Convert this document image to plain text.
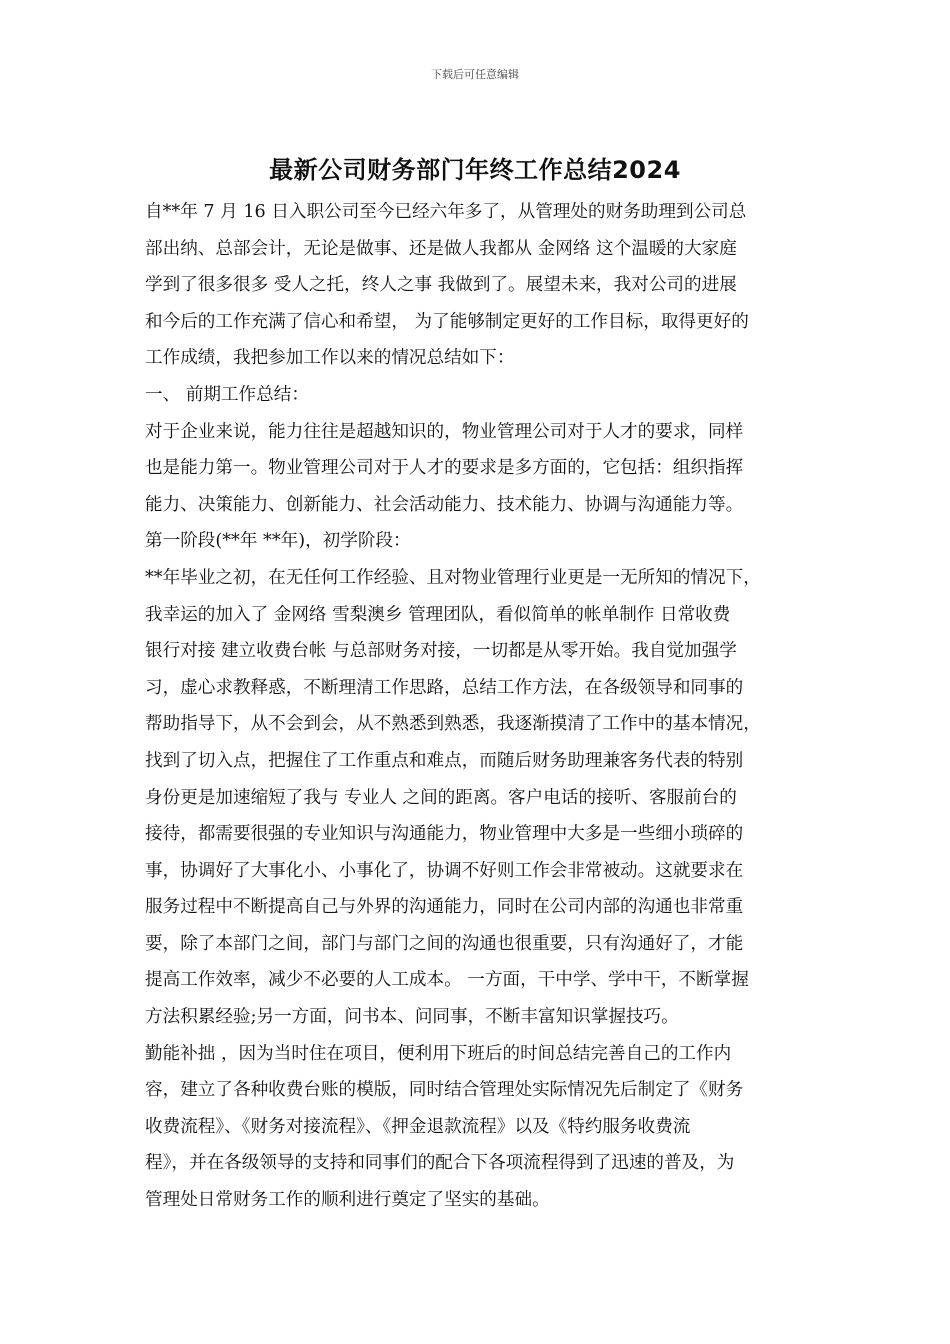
下载后可任意编辑
最新公司财务部门年终工作总结2024
自**年 7 月 16 日入职公司至今已经六年多了，从管理处的财务助理到公司总
部出纳、总部会计，无论是做事、还是做人我都从 金网络 这个温暖的大家庭
学到了很多很多 受人之托，终人之事 我做到了。展望未来，我对公司的进展
和今后的工作充满了信心和希望， 为了能够制定更好的工作目标，取得更好的
工作成绩，我把参加工作以来的情况总结如下：
一、 前期工作总结：
对于企业来说，能力往往是超越知识的，物业管理公司对于人才的要求，同样
也是能力第一。物业管理公司对于人才的要求是多方面的，它包括：组织指挥
能力、决策能力、创新能力、社会活动能力、技术能力、协调与沟通能力等。
第一阶段(**年 **年)，初学阶段：
**年毕业之初，在无任何工作经验、且对物业管理行业更是一无所知的情况下，
我幸运的加入了 金网络 雪梨澳乡 管理团队，看似简单的帐单制作 日常收费
银行对接 建立收费台帐 与总部财务对接，一切都是从零开始。我自觉加强学
习，虚心求教释惑，不断理清工作思路，总结工作方法，在各级领导和同事的
帮助指导下，从不会到会，从不熟悉到熟悉，我逐渐摸清了工作中的基本情况，
找到了切入点，把握住了工作重点和难点，而随后财务助理兼客务代表的特别
身份更是加速缩短了我与 专业人 之间的距离。客户电话的接听、客服前台的
接待，都需要很强的专业知识与沟通能力，物业管理中大多是一些细小琐碎的
事，协调好了大事化小、小事化了，协调不好则工作会非常被动。这就要求在
服务过程中不断提高自己与外界的沟通能力，同时在公司内部的沟通也非常重
要，除了本部门之间，部门与部门之间的沟通也很重要，只有沟通好了，才能
提高工作效率，减少不必要的人工成本。 一方面，干中学、学中干，不断掌握
方法积累经验;另一方面，问书本、问同事，不断丰富知识掌握技巧。
勤能补拙 ，因为当时住在项目，便利用下班后的时间总结完善自己的工作内
容，建立了各种收费台账的模版，同时结合管理处实际情况先后制定了《财务
收费流程》、《财务对接流程》、《押金退款流程》以及《特约服务收费流
程》，并在各级领导的支持和同事们的配合下各项流程得到了迅速的普及，为
管理处日常财务工作的顺利进行奠定了坚实的基础。
